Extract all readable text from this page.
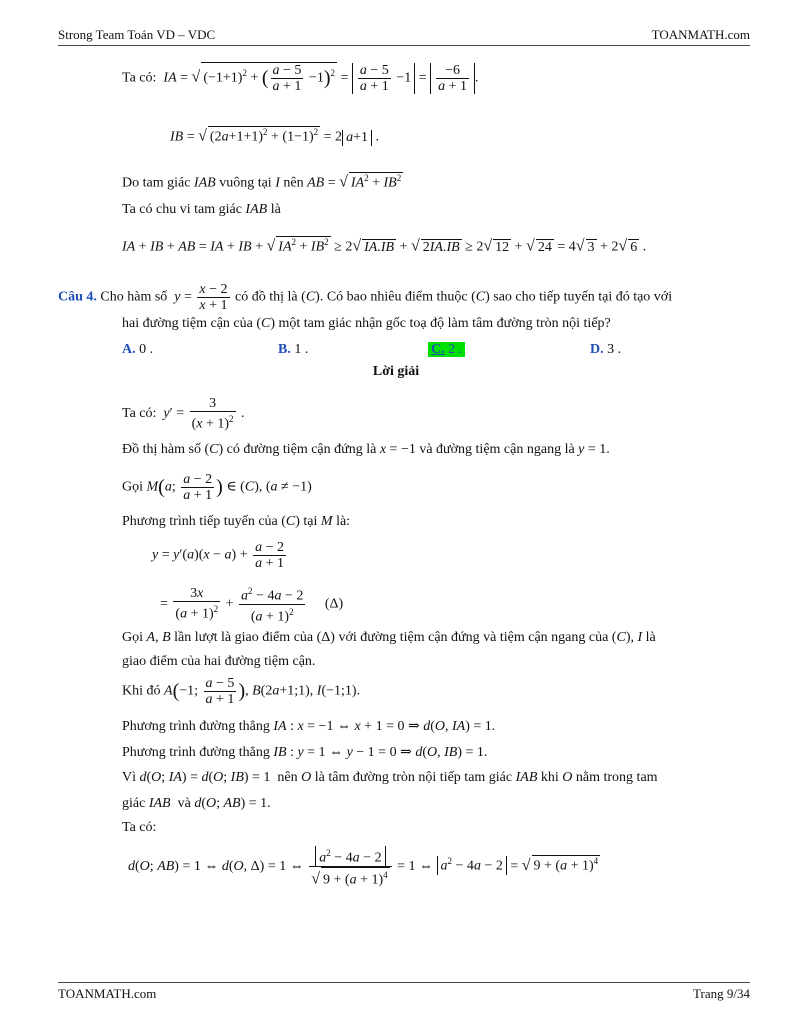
Strong Team Toán VD – VDC	TOANMATH.com
Ta có: IA = √ $(-1+1)^2$ + ( $\frac{a - 5}{a + 1} -1)^2 = \frac{a - 5}{a + 1} -1 = \frac{-6}{a + 1}$ .
IB = √ $(2a+1+1)^2 + (1-1)^2 = 2$ a+1 .
Do tam giác IAB vuông tại I nên AB = √ $IA^2 + IB^2$
Ta có chu vi tam giác IAB là
IA + IB + AB = IA + IB + √ $IA^2 + IB^2 \ge 2√$ IA.IB + √ 2IA.IB ≥ 2√ 12 + √ 24 = 4√ 3 + 2√ 6 .
Câu 4. Cho hàm số  $y = \frac{x - 2}{x + 1}$ có đồ thị là (C). Có bao nhiêu điểm thuộc (C) sao cho tiếp tuyến tại đó tạo với
hai đường tiệm cận của (C) một tam giác nhận gốc toạ độ làm tâm đường tròn nội tiếp?
A. 0 .	B. 1 .	C. 2 .	D. 3 .
Lời giải
Ta có: $y' = \frac{3}{(x + 1)^2}$ .
Đồ thị hàm số (C) có đường tiệm cận đứng là x = −1 và đường tiệm cận ngang là y = 1.
Gọi M(a; $\frac{a - 2}{a + 1}$ ) ∈ (C), (a ≠ −1)
Phương trình tiếp tuyến của (C) tại M là:
$y = y'(a)(x - a) + \frac{a - 2}{a + 1}$
= $\frac{3x}{(a + 1)^2} + \frac{a^2 - 4a - 2}{(a + 1)^2} (\Delta)$
Gọi A, B lần lượt là giao điểm của (Δ) với đường tiệm cận đứng và tiệm cận ngang của (C), I là
giao điểm của hai đường tiệm cận.
Khi đó A(−1; $\frac{a - 5}{a + 1}$ ), B(2a+1;1), I(−1;1).
Phương trình đường thẳng IA : x = −1 ⇔ x + 1 = 0 ⇒ d(O, IA) = 1.
Phương trình đường thẳng IB : y = 1 ⇔ y − 1 = 0 ⇒ d(O, IB) = 1.
Vì d(O; IA) = d(O; IB) = 1  nên O là tâm đường tròn nội tiếp tam giác IAB khi O nằm trong tam
giác IAB  và d(O; AB) = 1.
Ta có:
d(O; AB) = 1 ⇔ d(O, Δ) = 1 ⇔ $\frac{a^2 - 4a - 2}{√ 9 + (a + 1)^4} = 1$ ⇔ $a^2 - 4a - 2$ = √ $9 + (a + 1)^4$
TOANMATH.com	Trang 9/34
